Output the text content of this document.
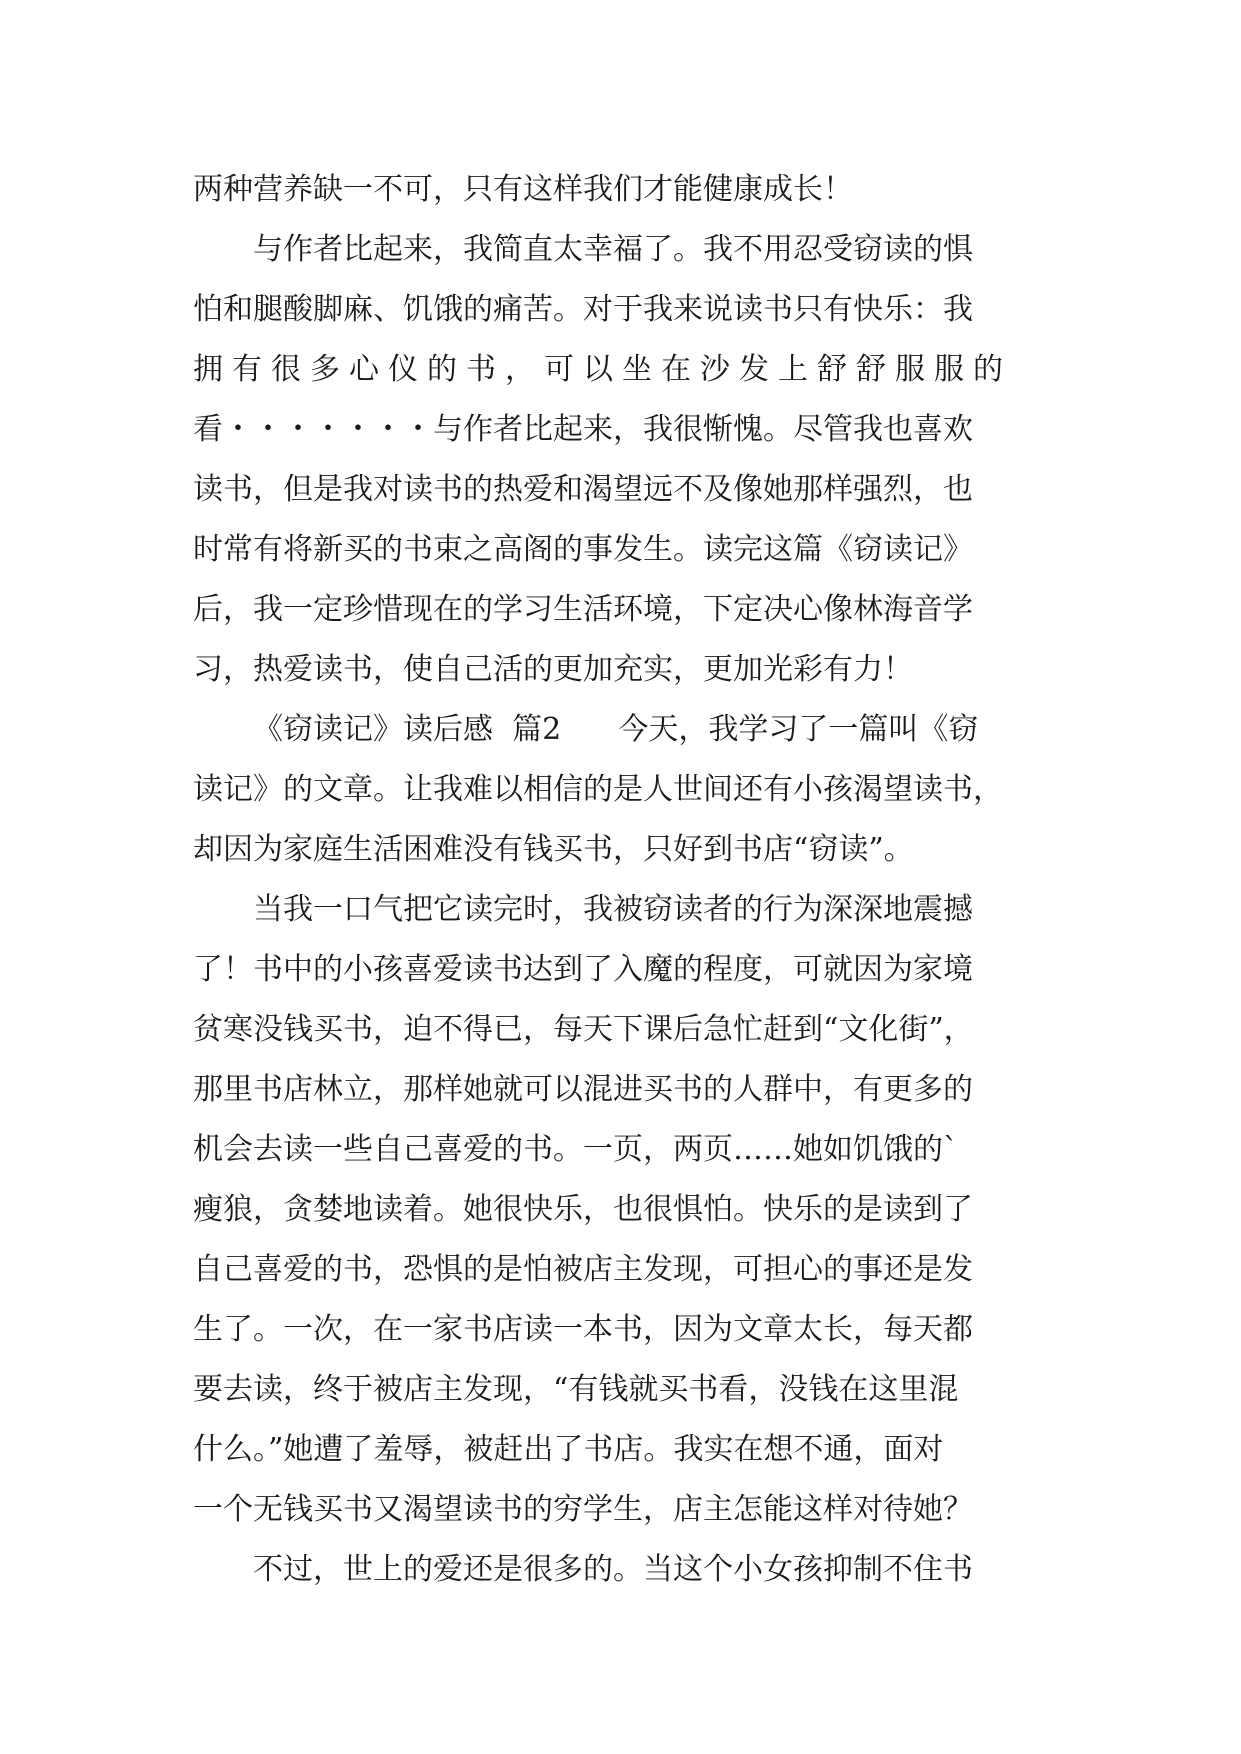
两种营养缺一不可，只有这样我们才能健康成长！
与作者比起来，我简直太幸福了。我不用忍受窃读的惧
怕和腿酸脚麻、饥饿的痛苦。对于我来说读书只有快乐：我
拥有很多心仪的书，可以坐在沙发上舒舒服服的
看・・・・・・・与作者比起来，我很惭愧。尽管我也喜欢
读书，但是我对读书的热爱和渴望远不及像她那样强烈，也
时常有将新买的书束之高阁的事发生。读完这篇《窃读记》
后，我一定珍惜现在的学习生活环境，下定决心像林海音学
习，热爱读书，使自己活的更加充实，更加光彩有力！
《窃读记》读后感  篇2      今天，我学习了一篇叫《窃
读记》的文章。让我难以相信的是人世间还有小孩渴望读书，
却因为家庭生活困难没有钱买书，只好到书店“窃读”。
当我一口气把它读完时，我被窃读者的行为深深地震撼
了！书中的小孩喜爱读书达到了入魔的程度，可就因为家境
贫寒没钱买书，迫不得已，每天下课后急忙赶到“文化街”，
那里书店林立，那样她就可以混进买书的人群中，有更多的
机会去读一些自己喜爱的书。一页，两页……她如饥饿的`
瘦狼，贪婪地读着。她很快乐，也很惧怕。快乐的是读到了
自己喜爱的书，恐惧的是怕被店主发现，可担心的事还是发
生了。一次，在一家书店读一本书，因为文章太长，每天都
要去读，终于被店主发现，“有钱就买书看，没钱在这里混
什么。”她遭了羞辱，被赶出了书店。我实在想不通，面对
一个无钱买书又渴望读书的穷学生，店主怎能这样对待她？
不过，世上的爱还是很多的。当这个小女孩抑制不住书
